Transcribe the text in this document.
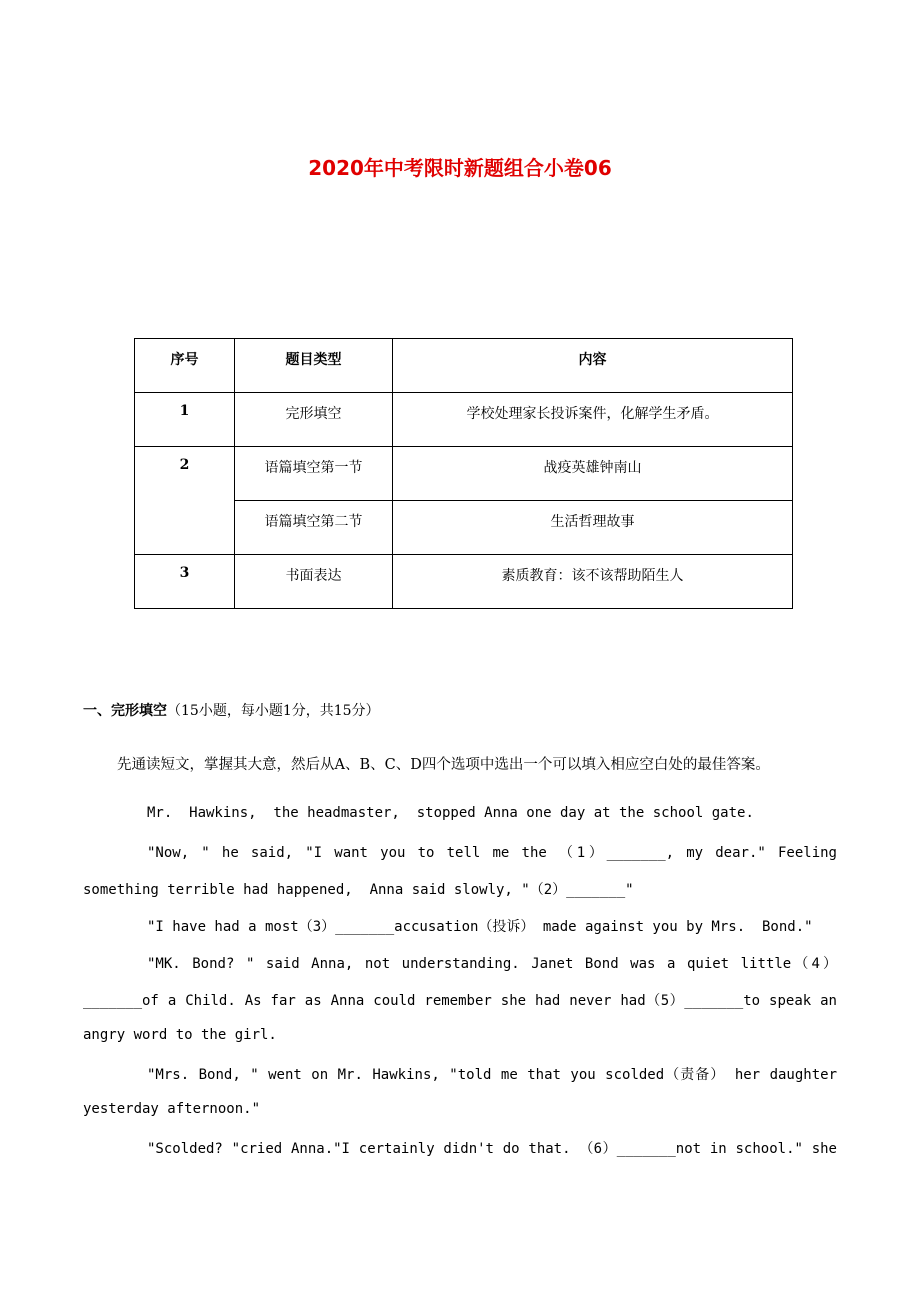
2020年中考限时新题组合小卷06
序号	题目类型	内容
1	完形填空	学校处理家长投诉案件，化解学生矛盾。
2	语篇填空第一节	战疫英雄钟南山
	语篇填空第二节	生活哲理故事
3	书面表达	素质教育：该不该帮助陌生人
一、完形填空（15小题，每小题1分，共15分）
先通读短文，掌握其大意，然后从A、B、C、D四个选项中选出一个可以填入相应空白处的最佳答案。
Mr.  Hawkins,  the headmaster,  stopped Anna one day at the school gate.
"Now, " he said, "I want you to tell me the （1）_______, my dear." Feeling
something terrible had happened,  Anna said slowly, "（2）_______"
"I have had a most（3）_______accusation（投诉） made against you by Mrs.  Bond."
"MK. Bond? " said Anna, not understanding. Janet Bond was a quiet little（4）
_______of a Child. As far as Anna could remember she had never had（5）_______to speak an
angry word to the girl.
"Mrs. Bond, " went on Mr. Hawkins, "told me that you scolded（责备） her daughter
yesterday afternoon."
"Scolded? "cried Anna."I certainly didn't do that. （6）_______not in school." she
